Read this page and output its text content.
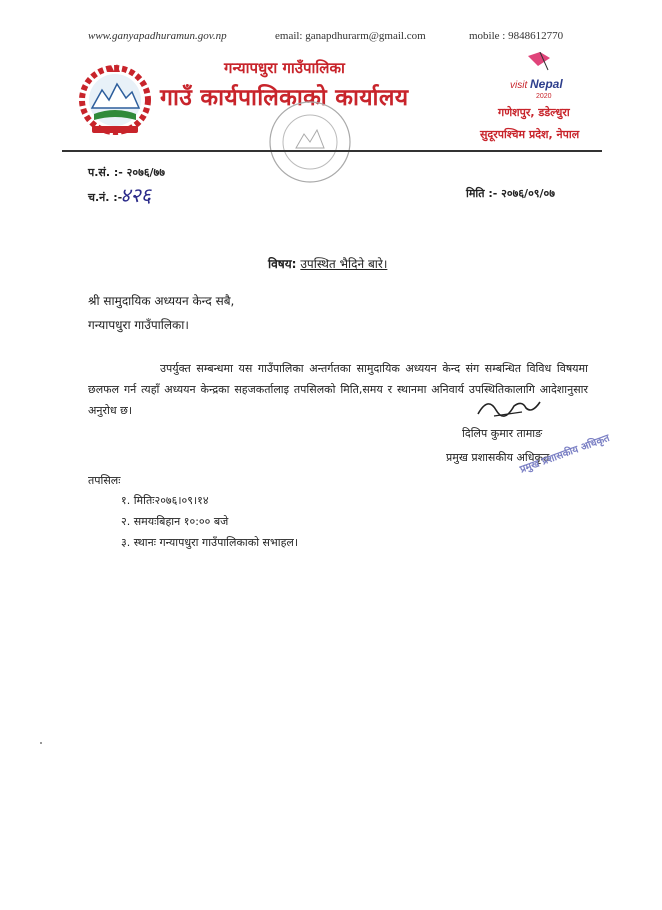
www.ganyapadhuramun.gov.np	email: ganapdhurarm@gmail.com	mobile : 9848612770
गन्यापधुरा गाउँपालिका
गाउँ कार्यपालिकाको कार्यालय	visit Nepal
2020
गणेशपुर, डडेल्धुरा
सुदूरपश्चिम प्रदेश, नेपाल
प.सं. :- २०७६/७७
च.नं. :-
४२६	मिति :- २०७६/०९/०७
विषय: उपस्थित भैदिने बारे।
श्री सामुदायिक अध्ययन केन्द सबै,
गन्यापधुरा गाउँपालिका।
उपर्युक्त सम्बन्धमा यस गाउँपालिका अन्तर्गतका सामुदायिक अध्ययन केन्द संग सम्बन्धित विविध विषयमा छलफल गर्न त्यहाँ अध्ययन केन्द्रका सहजकर्तालाइ तपसिलको मिति,समय र स्थानमा अनिवार्य उपस्थितिकालागि आदेशानुसार अनुरोध छ।
दिलिप कुमार तामाङ
प्रमुख प्रशासकीय अधिकृत
प्रमुख प्रशासकीय अधिकृत
तपसिलः
१. मितिः२०७६।०९।१४
२. समयःबिहान १०:०० बजे
३. स्थानः गन्यापधुरा गाउँपालिकाको सभाहल।
